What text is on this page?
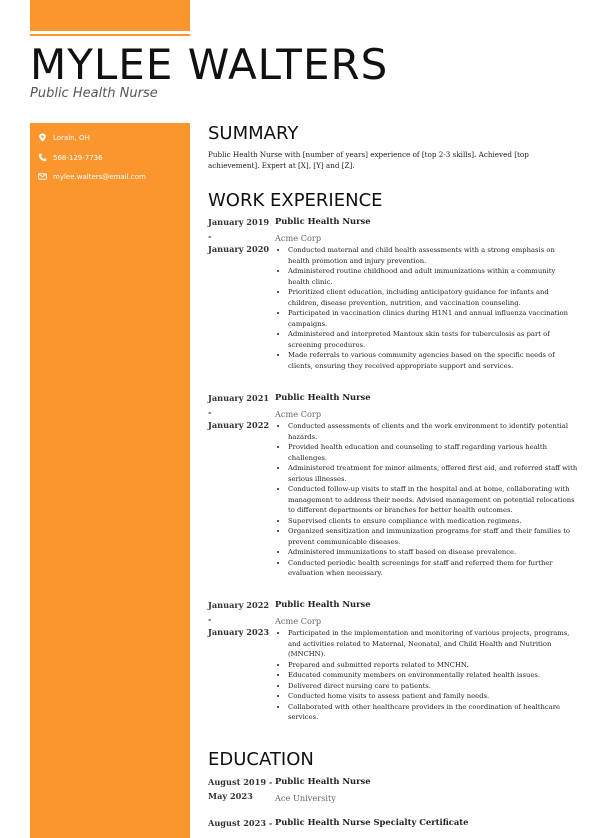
MYLEE WALTERS
Public Health Nurse
Lorain, OH
568-129-7736
mylee.walters@email.com
SUMMARY
Public Health Nurse with [number of years] experience of [top 2-3 skills]. Achieved [top achievement]. Expert at [X], [Y] and [Z].
WORK EXPERIENCE
January 2019
-
January 2020
Public Health Nurse
Acme Corp
• Conducted maternal and child health assessments with a strong emphasis on health promotion and injury prevention.
• Administered routine childhood and adult immunizations within a community health clinic.
• Prioritized client education, including anticipatory guidance for infants and children, disease prevention, nutrition, and vaccination counseling.
• Participated in vaccination clinics during H1N1 and annual influenza vaccination campaigns.
• Administered and interpreted Mantoux skin tests for tuberculosis as part of screening procedures.
• Made referrals to various community agencies based on the specific needs of clients, ensuring they received appropriate support and services.
January 2021
-
January 2022
Public Health Nurse
Acme Corp
• Conducted assessments of clients and the work environment to identify potential hazards.
• Provided health education and counseling to staff regarding various health challenges.
• Administered treatment for minor ailments, offered first aid, and referred staff with serious illnesses.
• Conducted follow-up visits to staff in the hospital and at home, collaborating with management to address their needs. Advised management on potential relocations to different departments or branches for better health outcomes.
• Supervised clients to ensure compliance with medication regimens.
• Organized sensitization and immunization programs for staff and their families to prevent communicable diseases.
• Administered immunizations to staff based on disease prevalence.
• Conducted periodic health screenings for staff and referred them for further evaluation when necessary.
January 2022
-
January 2023
Public Health Nurse
Acme Corp
• Participated in the implementation and monitoring of various projects, programs, and activities related to Maternal, Neonatal, and Child Health and Nutrition (MNCHN).
• Prepared and submitted reports related to MNCHN.
• Educated community members on environmentally related health issues.
• Delivered direct nursing care to patients.
• Conducted home visits to assess patient and family needs.
• Collaborated with other healthcare providers in the coordination of healthcare services.
EDUCATION
August 2019 -
May 2023
Public Health Nurse
Ace University
August 2023 - Public Health Nurse Specialty Certificate
